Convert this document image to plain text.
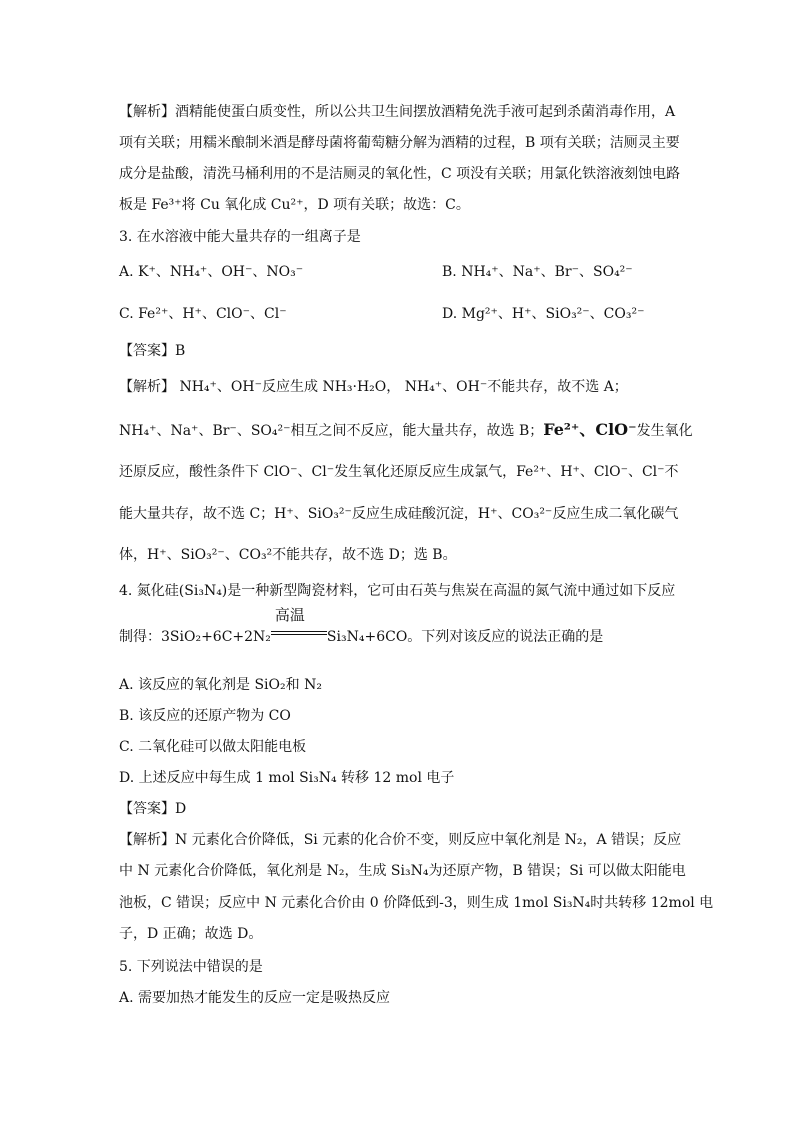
【解析】酒精能使蛋白质变性，所以公共卫生间摆放酒精免洗手液可起到杀菌消毒作用，A
项有关联；用糯米酿制米酒是酵母菌将葡萄糖分解为酒精的过程，B 项有关联；洁厕灵主要
成分是盐酸，清洗马桶利用的不是洁厕灵的氧化性，C 项没有关联；用氯化铁溶液刻蚀电路
板是 Fe³⁺将 Cu 氧化成 Cu²⁺，D 项有关联；故选：C。
3. 在水溶液中能大量共存的一组离子是
A. K⁺、NH₄⁺、OH⁻、NO₃⁻	B. NH₄⁺、Na⁺、Br⁻、SO₄²⁻
C. Fe²⁺、H⁺、ClO⁻、Cl⁻	D. Mg²⁺、H⁺、SiO₃²⁻、CO₃²⁻
【答案】B
【解析】 NH₄⁺、OH⁻反应生成 NH₃·H₂O， NH₄⁺、OH⁻不能共存，故不选 A；
NH₄⁺、Na⁺、Br⁻、SO₄²⁻相互之间不反应，能大量共存，故选 B；Fe²⁺、ClO⁻发生氧化
还原反应，酸性条件下 ClO⁻、Cl⁻发生氧化还原反应生成氯气，Fe²⁺、H⁺、ClO⁻、Cl⁻不
能大量共存，故不选 C；H⁺、SiO₃²⁻反应生成硅酸沉淀，H⁺、CO₃²⁻反应生成二氧化碳气
体，H⁺、SiO₃²⁻、CO₃²不能共存，故不选 D；选 B。
4. 氮化硅(Si₃N₄)是一种新型陶瓷材料，它可由石英与焦炭在高温的氮气流中通过如下反应
制得：3SiO₂+6C+2N₂
高温
Si₃N₄+6CO。下列对该反应的说法正确的是
A. 该反应的氧化剂是 SiO₂和 N₂
B. 该反应的还原产物为 CO
C. 二氧化硅可以做太阳能电板
D. 上述反应中每生成 1 mol Si₃N₄ 转移 12 mol 电子
【答案】D
【解析】N 元素化合价降低，Si 元素的化合价不变，则反应中氧化剂是 N₂，A 错误；反应
中 N 元素化合价降低，氧化剂是 N₂，生成 Si₃N₄为还原产物，B 错误；Si 可以做太阳能电
池板，C 错误；反应中 N 元素化合价由 0 价降低到-3，则生成 1mol Si₃N₄时共转移 12mol 电
子，D 正确；故选 D。
5. 下列说法中错误的是
A. 需要加热才能发生的反应一定是吸热反应
